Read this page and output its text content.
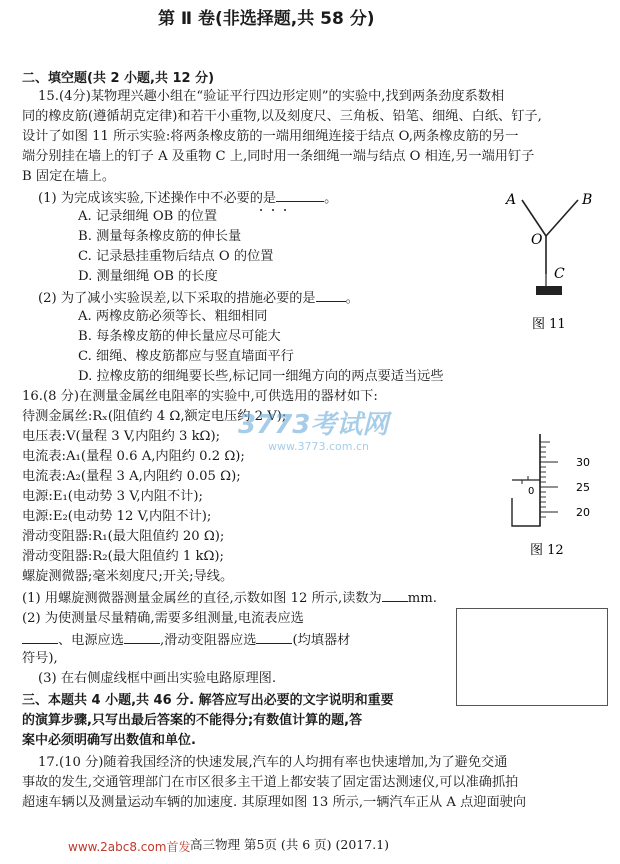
第 Ⅱ 卷(非选择题,共 58 分)
二、填空题(共 2 小题,共 12 分)
15.(4分)某物理兴趣小组在“验证平行四边形定则”的实验中,找到两条劲度系数相
同的橡皮筋(遵循胡克定律)和若干小重物,以及刻度尺、三角板、铅笔、细绳、白纸、钉子,
设计了如图 11 所示实验:将两条橡皮筋的一端用细绳连接于结点 O,两条橡皮筋的另一
端分别挂在墙上的钉子 A 及重物 C 上,同时用一条细绳一端与结点 O 相连,另一端用钉子
B 固定在墙上。
(1) 为完成该实验,下述操作中不必要的是	。
A. 记录细绳 OB 的位置
B. 测量每条橡皮筋的伸长量
C. 记录悬挂重物后结点 O 的位置
D. 测量细绳 OB 的长度
(2) 为了减小实验误差,以下采取的措施必要的是 。
A. 两橡皮筋必须等长、粗细相同
B. 每条橡皮筋的伸长量应尽可能大
C. 细绳、橡皮筋都应与竖直墙面平行
D. 拉橡皮筋的细绳要长些,标记同一细绳方向的两点要适当远些
A	B
O
C
图 11
16.(8 分)在测量金属丝电阻率的实验中,可供选用的器材如下:
待测金属丝:Rₓ(阻值约 4 Ω,额定电压约 2 V);
电压表:V(量程 3 V,内阻约 3 kΩ);
电流表:A₁(量程 0.6 A,内阻约 0.2 Ω);
电流表:A₂(量程 3 A,内阻约 0.05 Ω);
电源:E₁(电动势 3 V,内阻不计);
电源:E₂(电动势 12 V,内阻不计);
滑动变阻器:R₁(最大阻值约 20 Ω);
滑动变阻器:R₂(最大阻值约 1 kΩ);
螺旋测微器;毫米刻度尺;开关;导线。
3773考试网
www.3773.com.cn
30
25
20
0
图 12
(1) 用螺旋测微器测量金属丝的直径,示数如图 12 所示,读数为 mm.
(2) 为使测量尽量精确,需要多组测量,电流表应选
、电源应选	,滑动变阻器应选	(均填器材
符号),
(3) 在右侧虚线框中画出实验电路原理图.
三、本题共 4 小题,共 46 分. 解答应写出必要的文字说明和重要
的演算步骤,只写出最后答案的不能得分;有数值计算的题,答
案中必须明确写出数值和单位.
17.(10 分)随着我国经济的快速发展,汽车的人均拥有率也快速增加,为了避免交通
事故的发生,交通管理部门在市区很多主干道上都安装了固定雷达测速仪,可以准确抓拍
超速车辆以及测量运动车辆的加速度. 其原理如图 13 所示,一辆汽车正从 A 点迎面驶向
www.2abc8.com首发 高三物理 第5页 (共 6 页) (2017.1)
